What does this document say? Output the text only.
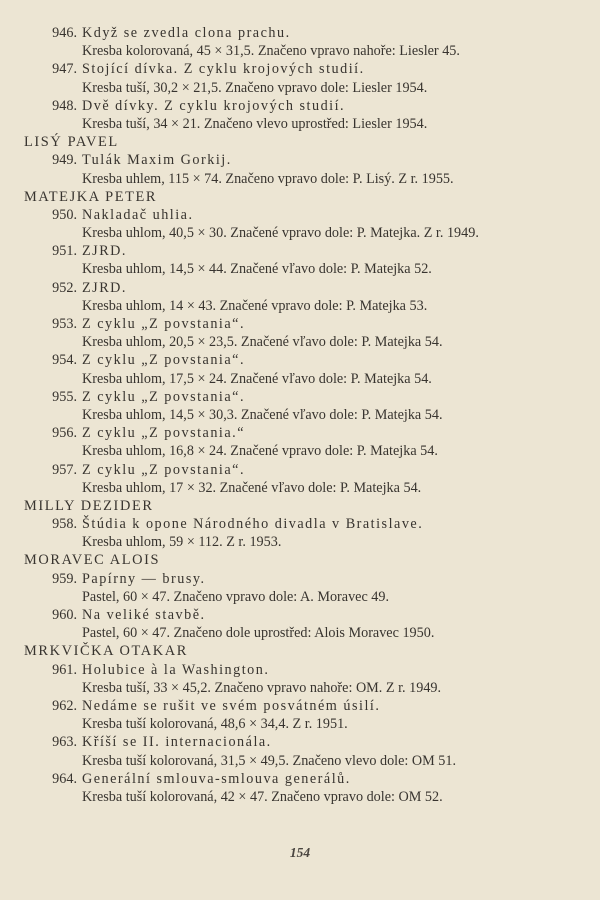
946. Když se zvedla clona prachu.
Kresba kolorovaná, 45 × 31,5. Značeno vpravo nahoře: Liesler 45.
947. Stojící dívka. Z cyklu krojových studií.
Kresba tuší, 30,2 × 21,5. Značeno vpravo dole: Liesler 1954.
948. Dvě dívky. Z cyklu krojových studií.
Kresba tuší, 34 × 21. Značeno vlevo uprostřed: Liesler 1954.
LISÝ PAVEL
949. Tulák Maxim Gorkij.
Kresba uhlem, 115 × 74. Značeno vpravo dole: P. Lisý. Z r. 1955.
MATEJKA PETER
950. Nakladač uhlia.
Kresba uhlom, 40,5 × 30. Značené vpravo dole: P. Matejka. Z r. 1949.
951. ZJRD.
Kresba uhlom, 14,5 × 44. Značené vľavo dole: P. Matejka 52.
952. ZJRD.
Kresba uhlom, 14 × 43. Značené vpravo dole: P. Matejka 53.
953. Z cyklu „Z povstania“.
Kresba uhlom, 20,5 × 23,5. Značené vľavo dole: P. Matejka 54.
954. Z cyklu „Z povstania“.
Kresba uhlom, 17,5 × 24. Značené vľavo dole: P. Matejka 54.
955. Z cyklu „Z povstania“.
Kresba uhlom, 14,5 × 30,3. Značené vľavo dole: P. Matejka 54.
956. Z cyklu „Z povstania.“
Kresba uhlom, 16,8 × 24. Značené vpravo dole: P. Matejka 54.
957. Z cyklu „Z povstania“.
Kresba uhlom, 17 × 32. Značené vľavo dole: P. Matejka 54.
MILLY DEZIDER
958. Štúdia k opone Národného divadla v Bratislave.
Kresba uhlom, 59 × 112. Z r. 1953.
MORAVEC ALOIS
959. Papírny — brusy.
Pastel, 60 × 47. Značeno vpravo dole: A. Moravec 49.
960. Na veliké stavbě.
Pastel, 60 × 47. Značeno dole uprostřed: Alois Moravec 1950.
MRKVIČKA OTAKAR
961. Holubice à la Washington.
Kresba tuší, 33 × 45,2. Značeno vpravo nahoře: OM. Z r. 1949.
962. Nedáme se rušit ve svém posvátném úsilí.
Kresba tuší kolorovaná, 48,6 × 34,4. Z r. 1951.
963. Kříší se II. internacionála.
Kresba tuší kolorovaná, 31,5 × 49,5. Značeno vlevo dole: OM 51.
964. Generální smlouva-smlouva generálů.
Kresba tuší kolorovaná, 42 × 47. Značeno vpravo dole: OM 52.
154
